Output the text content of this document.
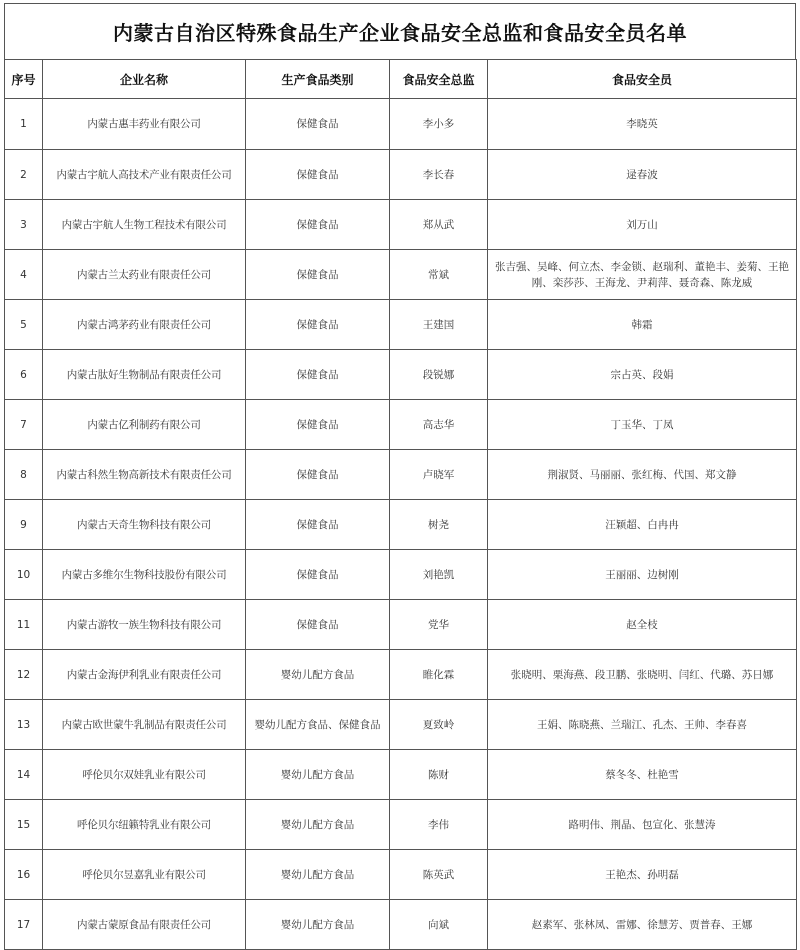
内蒙古自治区特殊食品生产企业食品安全总监和食品安全员名单
序号	企业名称	生产食品类别	食品安全总监	食品安全员
1	内蒙古惠丰药业有限公司	保健食品	李小多	李晓英
2	内蒙古宇航人高技术产业有限责任公司	保健食品	李长春	逯春波
3	内蒙古宇航人生物工程技术有限公司	保健食品	郑从武	刘万山
4	内蒙古兰太药业有限责任公司	保健食品	常斌	张吉强、吴峰、何立杰、李金锁、赵瑞利、董艳丰、姜菊、王艳刚、栾莎莎、王海龙、尹莉萍、聂奇森、陈龙威
5	内蒙古鸿茅药业有限责任公司	保健食品	王建国	韩霜
6	内蒙古肽好生物制品有限责任公司	保健食品	段锐娜	宗占英、段娟
7	内蒙古亿利制药有限公司	保健食品	高志华	丁玉华、丁凤
8	内蒙古科然生物高新技术有限责任公司	保健食品	卢晓军	荆淑贤、马丽丽、张红梅、代国、郑文静
9	内蒙古天奇生物科技有限公司	保健食品	树尧	汪颖超、白冉冉
10	内蒙古多维尔生物科技股份有限公司	保健食品	刘艳凯	王丽丽、边树刚
11	内蒙古游牧一族生物科技有限公司	保健食品	党华	赵全枝
12	内蒙古金海伊利乳业有限责任公司	婴幼儿配方食品	睢化霖	张晓明、栗海燕、段卫鹏、张晓明、闫红、代璐、苏日娜
13	内蒙古欧世蒙牛乳制品有限责任公司	婴幼儿配方食品、保健食品	夏致岭	王娟、陈晓燕、兰瑞江、孔杰、王帅、李春喜
14	呼伦贝尔双娃乳业有限公司	婴幼儿配方食品	陈财	蔡冬冬、杜艳雪
15	呼伦贝尔纽籁特乳业有限公司	婴幼儿配方食品	李伟	路明伟、荆晶、包宣化、张慧涛
16	呼伦贝尔昱嘉乳业有限公司	婴幼儿配方食品	陈英武	王艳杰、孙明磊
17	内蒙古蒙原食品有限责任公司	婴幼儿配方食品	向斌	赵素军、张林凤、雷娜、徐慧芳、贾普春、王娜
